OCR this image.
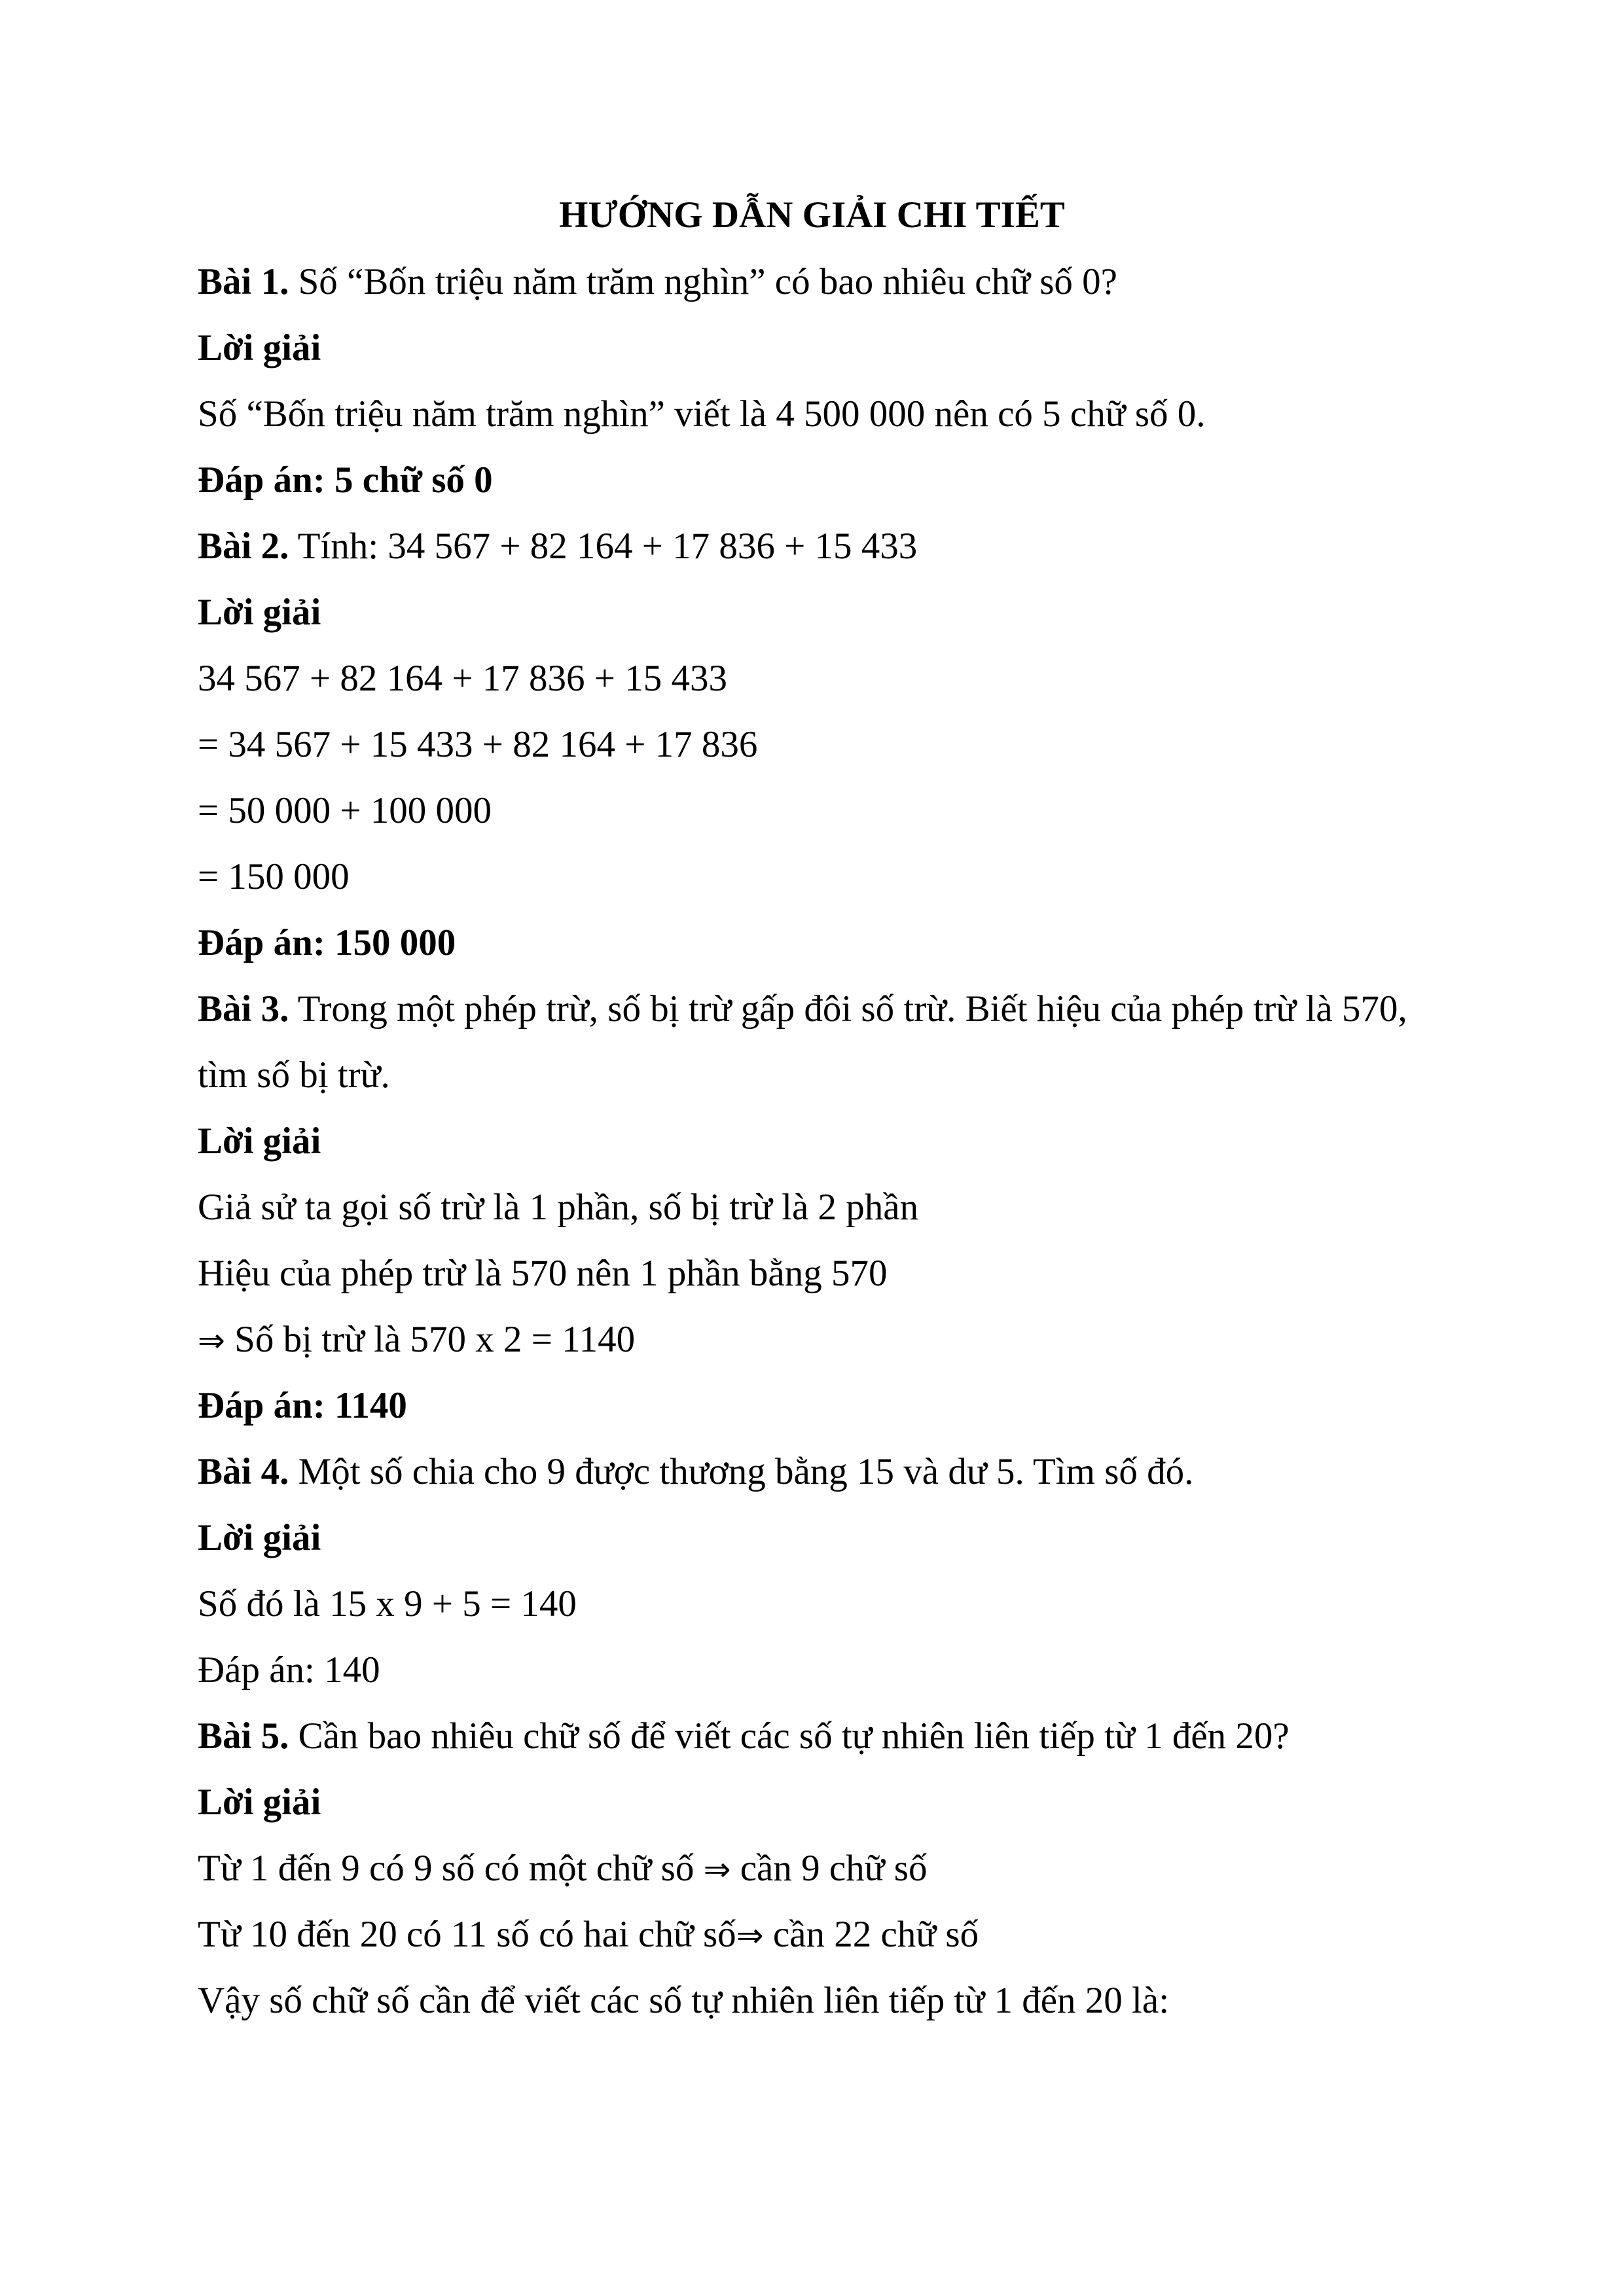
HƯỚNG DẪN GIẢI CHI TIẾT
Bài 1. Số “Bốn triệu năm trăm nghìn” có bao nhiêu chữ số 0?
Lời giải
Số “Bốn triệu năm trăm nghìn” viết là 4 500 000 nên có 5 chữ số 0.
Đáp án: 5 chữ số 0
Bài 2. Tính: 34 567 + 82 164 + 17 836 + 15 433
Lời giải
34 567 + 82 164 + 17 836 + 15 433
= 34 567 + 15 433 + 82 164 + 17 836
= 50 000 + 100 000
= 150 000
Đáp án: 150 000
Bài 3. Trong một phép trừ, số bị trừ gấp đôi số trừ. Biết hiệu của phép trừ là 570,
tìm số bị trừ.
Lời giải
Giả sử ta gọi số trừ là 1 phần, số bị trừ là 2 phần
Hiệu của phép trừ là 570 nên 1 phần bằng 570
⇒ Số bị trừ là 570 x 2 = 1140
Đáp án: 1140
Bài 4. Một số chia cho 9 được thương bằng 15 và dư 5. Tìm số đó.
Lời giải
Số đó là 15 x 9 + 5 = 140
Đáp án: 140
Bài 5. Cần bao nhiêu chữ số để viết các số tự nhiên liên tiếp từ 1 đến 20?
Lời giải
Từ 1 đến 9 có 9 số có một chữ số ⇒ cần 9 chữ số
Từ 10 đến 20 có 11 số có hai chữ số⇒ cần 22 chữ số
Vậy số chữ số cần để viết các số tự nhiên liên tiếp từ 1 đến 20 là:
